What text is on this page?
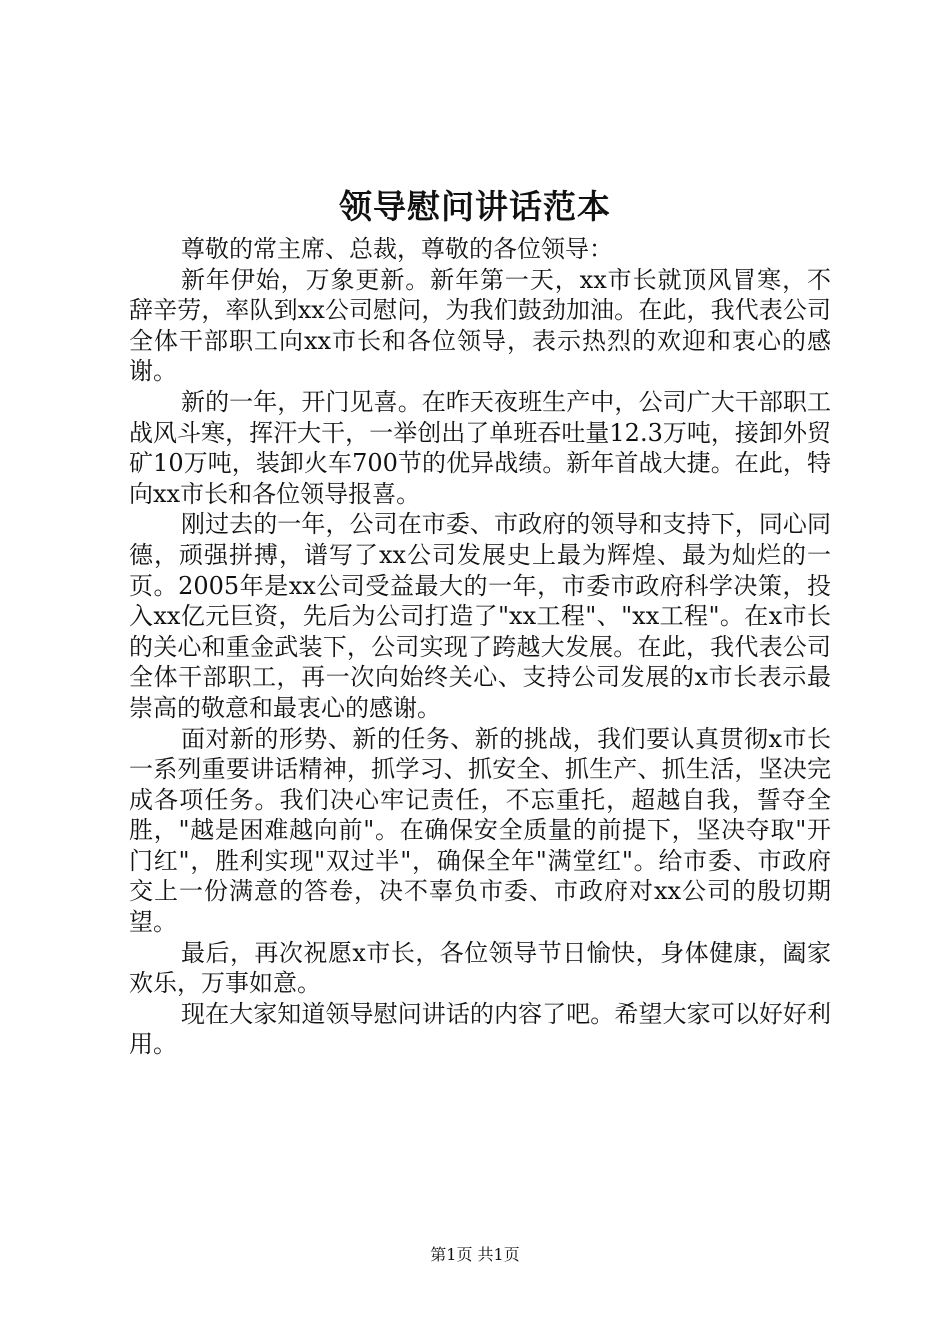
领导慰问讲话范本

尊敬的常主席、总裁，尊敬的各位领导：

新年伊始，万象更新。新年第一天，xx市长就顶风冒寒，不辞辛劳，率队到xx公司慰问，为我们鼓劲加油。在此，我代表公司全体干部职工向xx市长和各位领导，表示热烈的欢迎和衷心的感谢。

新的一年，开门见喜。在昨天夜班生产中，公司广大干部职工战风斗寒，挥汗大干，一举创出了单班吞吐量12.3万吨，接卸外贸矿10万吨，装卸火车700节的优异战绩。新年首战大捷。在此，特向xx市长和各位领导报喜。

刚过去的一年，公司在市委、市政府的领导和支持下，同心同德，顽强拼搏，谱写了xx公司发展史上最为辉煌、最为灿烂的一页。2005年是xx公司受益最大的一年，市委市政府科学决策，投入xx亿元巨资，先后为公司打造了"xx工程"、"xx工程"。在x市长的关心和重金武装下，公司实现了跨越大发展。在此，我代表公司全体干部职工，再一次向始终关心、支持公司发展的x市长表示最崇高的敬意和最衷心的感谢。

面对新的形势、新的任务、新的挑战，我们要认真贯彻x市长一系列重要讲话精神，抓学习、抓安全、抓生产、抓生活，坚决完成各项任务。我们决心牢记责任，不忘重托，超越自我，誓夺全胜，"越是困难越向前"。在确保安全质量的前提下，坚决夺取"开门红"，胜利实现"双过半"，确保全年"满堂红"。给市委、市政府交上一份满意的答卷，决不辜负市委、市政府对xx公司的殷切期望。

最后，再次祝愿x市长，各位领导节日愉快，身体健康，阖家欢乐，万事如意。

现在大家知道领导慰问讲话的内容了吧。希望大家可以好好利用。

第1页 共1页
